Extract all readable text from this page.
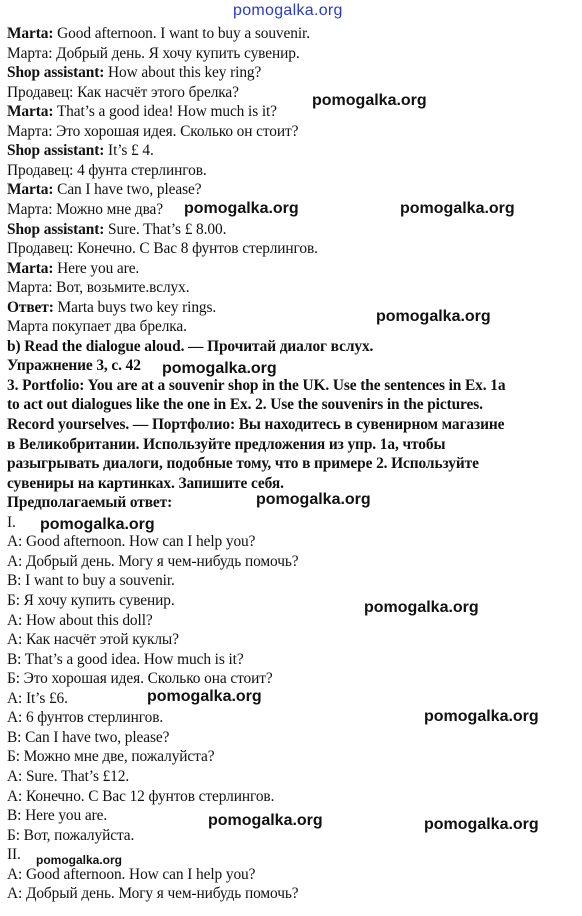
А: Добрый день. Могу я чем-нибудь помочь?
A: Good afternoon. How can I help you?
II.
Б: Вот, пожалуйста.
B: Here you are.
А: Конечно. С Вас 12 фунтов стерлингов.
A: Sure. That’s £12.
Б: Можно мне две, пожалуйста?
B: Can I have two, please?
А: 6 фунтов стерлингов.
A: It’s £6.
Б: Это хорошая идея. Сколько она стоит?
B: That’s a good idea. How much is it?
А: Как насчёт этой куклы?
A: How about this doll?
Б: Я хочу купить сувенир.
B: I want to buy a souvenir.
А: Добрый день. Могу я чем-нибудь помочь?
A: Good afternoon. How can I help you?
I.
Предполагаемый ответ:
сувениры на картинках. Запишите себя.
разыгрывать диалоги, подобные тому, что в примере 2. Используйте
в Великобритании. Используйте предложения из упр. 1а, чтобы
Record yourselves. — Портфолио: Вы находитесь в сувенирном магазине
to act out dialogues like the one in Ex. 2. Use the souvenirs in the pictures.
3. Portfolio: You are at a souvenir shop in the UK. Use the sentences in Ex. 1a
Упражнение 3, с. 42
b) Read the dialogue aloud. — Прочитай диалог вслух.
Марта покупает два брелка.
Ответ: Marta buys two key rings.
Марта: Вот, возьмите.вслух.
Marta: Here you are.
Продавец: Конечно. С Вас 8 фунтов стерлингов.
Shop assistant: Sure. That’s £ 8.00.
Марта: Можно мне два?
Marta: Can I have two, please?
Продавец: 4 фунта стерлингов.
Shop assistant: It’s £ 4.
Марта: Это хорошая идея. Сколько он стоит?
Marta: That’s a good idea! How much is it?
Продавец: Как насчёт этого брелка?
Shop assistant: How about this key ring?
Марта: Добрый день. Я хочу купить сувенир.
Marta: Good afternoon. I want to buy a souvenir.
pomogalka.org
pomogalka.org
pomogalka.org	pomogalka.org
pomogalka.org
pomogalka.org
pomogalka.org
pomogalka.org
pomogalka.org
pomogalka.org
pomogalka.org
pomogalka.org	pomogalka.org
pomogalka.org
